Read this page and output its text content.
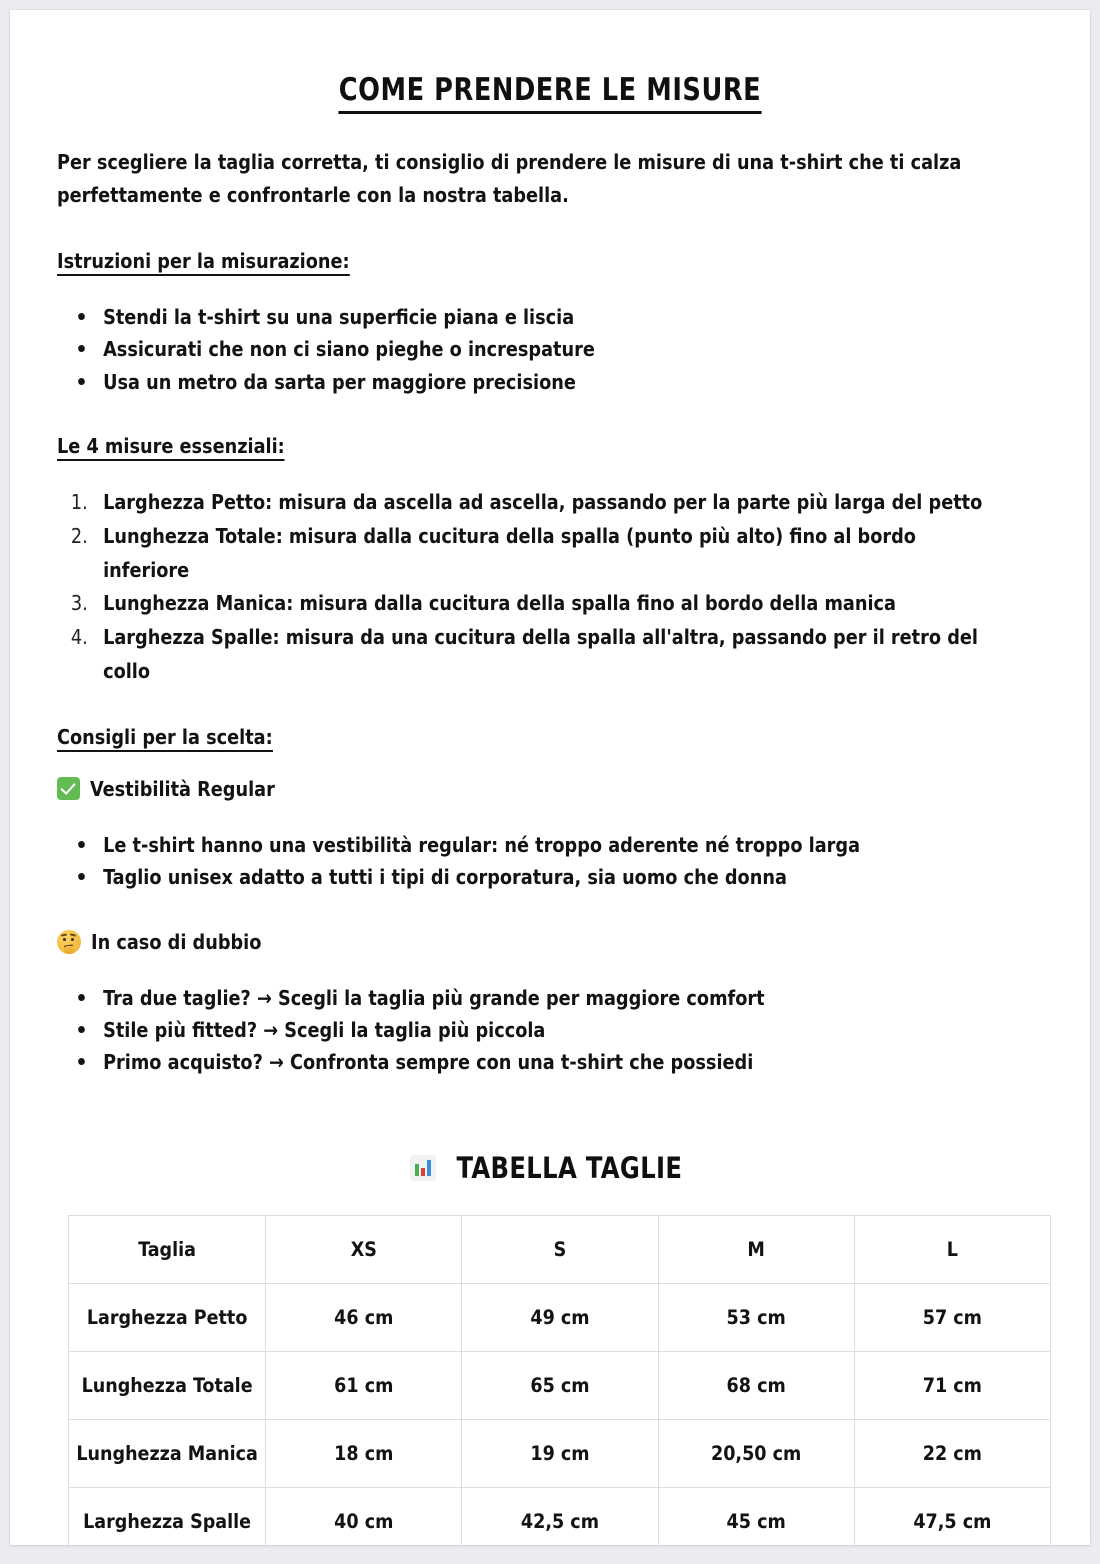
COME PRENDERE LE MISURE

Per scegliere la taglia corretta, ti consiglio di prendere le misure di una t-shirt che ti calza perfettamente e confrontarle con la nostra tabella.

Istruzioni per la misurazione:
Stendi la t-shirt su una superficie piana e liscia
Assicurati che non ci siano pieghe o increspature
Usa un metro da sarta per maggiore precisione
Le 4 misure essenziali:
1. Larghezza Petto: misura da ascella ad ascella, passando per la parte più larga del petto
2. Lunghezza Totale: misura dalla cucitura della spalla (punto più alto) fino al bordo inferiore
3. Lunghezza Manica: misura dalla cucitura della spalla fino al bordo della manica
4. Larghezza Spalle: misura da una cucitura della spalla all'altra, passando per il retro del collo
Consigli per la scelta:
Vestibilità Regular
Le t-shirt hanno una vestibilità regular: né troppo aderente né troppo larga
Taglio unisex adatto a tutti i tipi di corporatura, sia uomo che donna
In caso di dubbio
Tra due taglie? → Scegli la taglia più grande per maggiore comfort
Stile più fitted? → Scegli la taglia più piccola
Primo acquisto? → Confronta sempre con una t-shirt che possiedi
TABELLA TAGLIE
Taglia	XS	S	M	L
Larghezza Petto	46 cm	49 cm	53 cm	57 cm
Lunghezza Totale	61 cm	65 cm	68 cm	71 cm
Lunghezza Manica	18 cm	19 cm	20,50 cm	22 cm
Larghezza Spalle	40 cm	42,5 cm	45 cm	47,5 cm
